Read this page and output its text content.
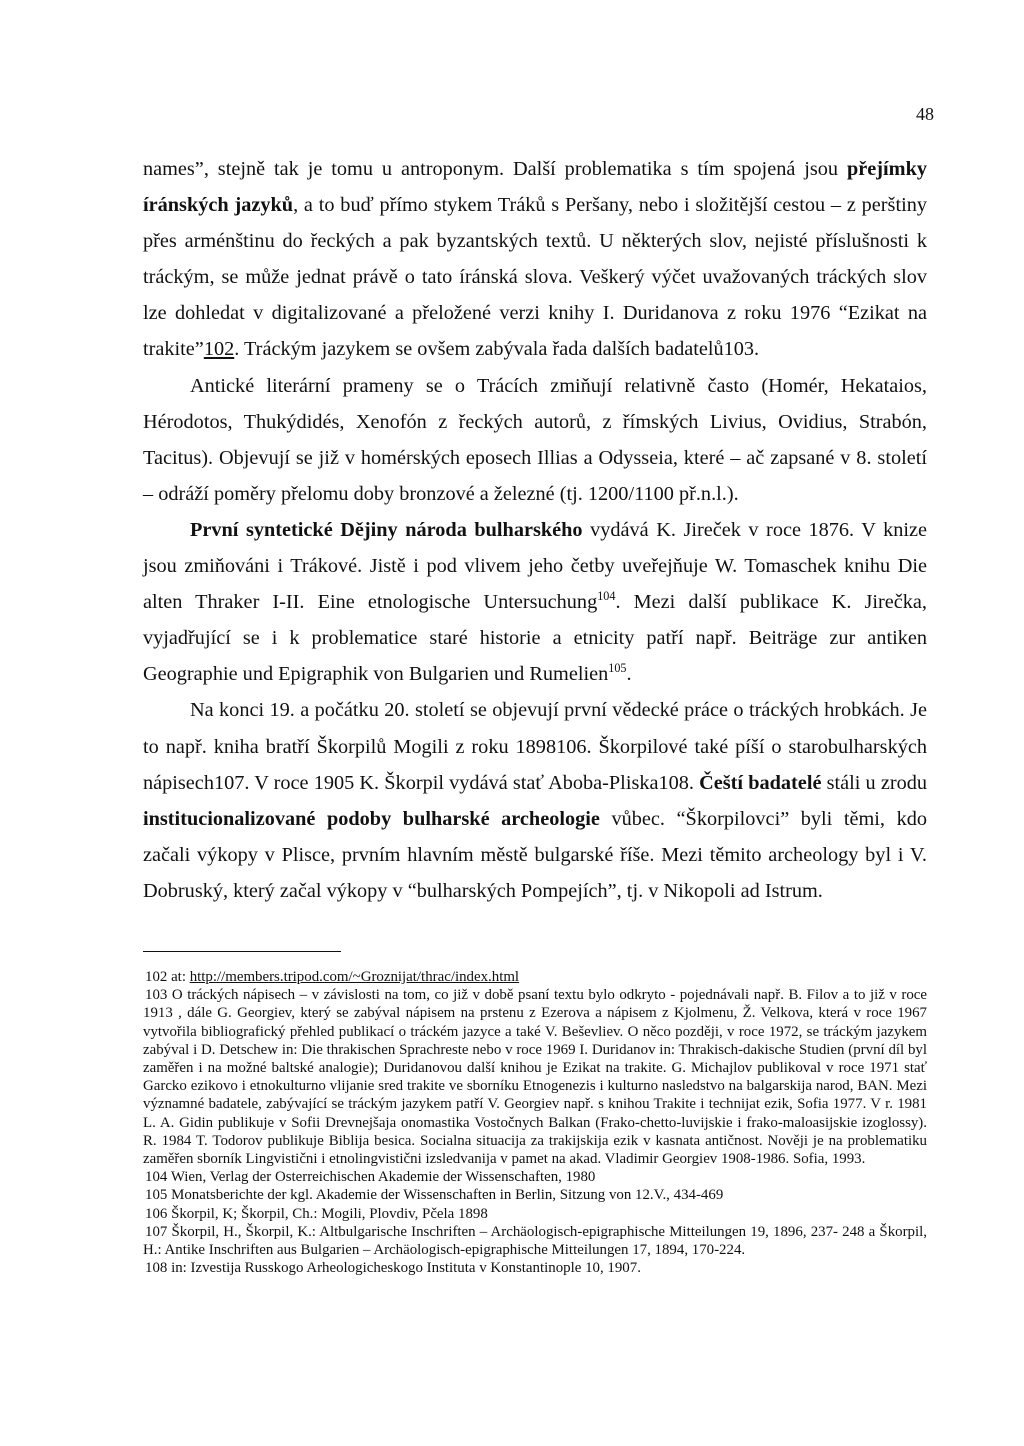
48

names”, stejně tak je tomu u antroponym. Další problematika s tím spojená jsou přejímky íránských jazyků, a to buď přímo stykem Tráků s Peršany, nebo i složitější cestou – z perštiny přes arménštinu do řeckých a pak byzantských textů. U některých slov, nejisté příslušnosti k tráckým, se může jednat právě o tato íránská slova. Veškerý výčet uvažovaných tráckých slov lze dohledat v digitalizované a přeložené verzi knihy I. Duridanova z roku 1976 “Ezikat na trakite”102. Tráckým jazykem se ovšem zabývala řada dalších badatelů103.

Antické literární prameny se o Trácích zmiňují relativně často (Homér, Hekataios, Hérodotos, Thukýdidés, Xenofón z řeckých autorů, z římských Livius, Ovidius, Strabón, Tacitus). Objevují se již v homérských eposech Illias a Odysseia, které – ač zapsané v 8. století – odráží poměry přelomu doby bronzové a železné (tj. 1200/1100 př.n.l.).

První syntetické Dějiny národa bulharského vydává K. Jireček v roce 1876. V knize jsou zmiňováni i Trákové. Jistě i pod vlivem jeho četby uveřejňuje W. Tomaschek knihu Die alten Thraker I-II. Eine etnologische Untersuchung$^{104}$. Mezi další publikace K. Jirečka, vyjadřující se i k problematice staré historie a etnicity patří např. Beiträge zur antiken Geographie und Epigraphik von Bulgarien und Rumelien$^{105}$.

Na konci 19. a počátku 20. století se objevují první vědecké práce o tráckých hrobkách. Je to např. kniha bratří Škorpilů Mogili z roku 1898106. Škorpilové také píší o starobulharských nápisech107. V roce 1905 K. Škorpil vydává stať Aboba-Pliska108. Čeští badatelé stáli u zrodu institucionalizované podoby bulharské archeologie vůbec. “Škorpilovci” byli těmi, kdo začali výkopy v Plisce, prvním hlavním městě bulgarské říše. Mezi těmito archeology byl i V. Dobruský, který začal výkopy v “bulharských Pompejích”, tj. v Nikopoli ad Istrum.

102 at: http://members.tripod.com/~Groznijat/thrac/index.html

103 O tráckých nápisech – v závislosti na tom, co již v době psaní textu bylo odkryto - pojednávali např. B. Filov a to již v roce 1913 , dále G. Georgiev, který se zabýval nápisem na prstenu z Ezerova a nápisem z Kjolmenu, Ž. Velkova, která v roce 1967 vytvořila bibliografický přehled publikací o tráckém jazyce a také V. Beševliev. O něco později, v roce 1972, se tráckým jazykem zabýval i D. Detschew in: Die thrakischen Sprachreste nebo v roce 1969 I. Duridanov in: Thrakisch-dakische Studien (první díl byl zaměřen i na možné baltské analogie); Duridanovou další knihou je Ezikat na trakite. G. Michajlov publikoval v roce 1971 stať Garcko ezikovo i etnokulturno vlijanie sred trakite ve sborníku Etnogenezis i kulturno nasledstvo na balgarskija narod, BAN. Mezi významné badatele, zabývající se tráckým jazykem patří V. Georgiev např. s knihou Trakite i technijat ezik, Sofia 1977. V r. 1981 L. A. Gidin publikuje v Sofii Drevnejšaja onomastika Vostočnych Balkan (Frako-chetto-luvijskie i frako-maloasijskie izoglossy). R. 1984 T. Todorov publikuje Biblija besica. Socialna situacija za trakijskija ezik v kasnata antičnost. Nověji je na problematiku zaměřen sborník Lingvistični i etnolingvistični izsledvanija v pamet na akad. Vladimir Georgiev 1908-1986. Sofia, 1993.

104 Wien, Verlag der Osterreichischen Akademie der Wissenschaften, 1980

105 Monatsberichte der kgl. Akademie der Wissenschaften in Berlin, Sitzung von 12.V., 434-469

106 Škorpil, K; Škorpil, Ch.: Mogili, Plovdiv, Pčela 1898

107 Škorpil, H., Škorpil, K.: Altbulgarische Inschriften – Archäologisch-epigraphische Mitteilungen 19, 1896, 237- 248 a Škorpil, H.: Antike Inschriften aus Bulgarien – Archäologisch-epigraphische Mitteilungen 17, 1894, 170-224.

108 in: Izvestija Russkogo Arheologicheskogo Instituta v Konstantinople 10, 1907.
